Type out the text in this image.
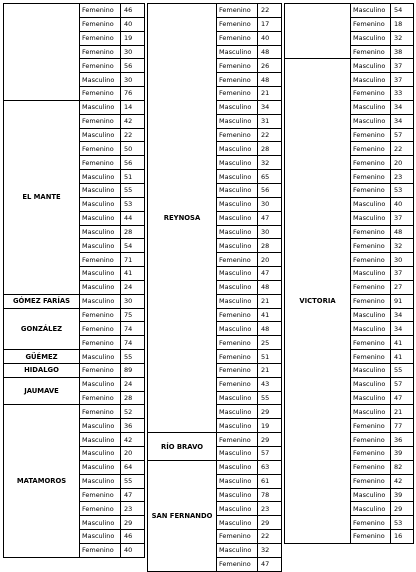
	Femenino	46
	Femenino	40
	Femenino	19
	Femenino	30
	Femenino	56
	Masculino	30
	Femenino	76
EL MANTE	Masculino	14
	Femenino	42
	Masculino	22
	Femenino	50
	Femenino	56
	Masculino	51
	Masculino	55
	Masculino	53
	Masculino	44
	Masculino	28
	Masculino	54
	Femenino	71
	Masculino	41
	Masculino	24
GÓMEZ FARÍAS	Masculino	30
GONZÁLEZ	Femenino	75
	Femenino	74
	Femenino	74
GÜÉMEZ	Masculino	55
HIDALGO	Femenino	89
JAUMAVE	Masculino	24
	Femenino	28
MATAMOROS	Femenino	52
	Masculino	36
	Masculino	42
	Masculino	20
	Masculino	64
	Masculino	55
	Femenino	47
	Femenino	23
	Masculino	29
	Masculino	46
	Femenino	40
REYNOSA	Femenino	22
	Femenino	17
	Femenino	40
	Masculino	48
	Femenino	26
	Femenino	48
	Femenino	21
	Masculino	34
	Masculino	31
	Femenino	22
	Masculino	28
	Masculino	32
	Masculino	65
	Masculino	56
	Masculino	30
	Masculino	47
	Masculino	30
	Masculino	28
	Femenino	20
	Masculino	47
	Masculino	48
	Masculino	21
	Femenino	41
	Masculino	48
	Femenino	25
	Femenino	51
	Femenino	21
	Femenino	43
	Masculino	55
	Masculino	29
	Masculino	19
RÍO BRAVO	Femenino	29
	Masculino	57
SAN FERNANDO	Masculino	63
	Masculino	61
	Masculino	78
	Masculino	23
	Masculino	29
	Femenino	22
	Masculino	32
	Femenino	47
	Masculino	54
	Femenino	18
	Masculino	32
	Femenino	38
VICTORIA	Masculino	37
	Masculino	37
	Femenino	33
	Masculino	34
	Masculino	34
	Femenino	57
	Femenino	22
	Femenino	20
	Femenino	23
	Femenino	53
	Masculino	40
	Masculino	37
	Femenino	48
	Femenino	32
	Femenino	30
	Masculino	37
	Femenino	27
	Femenino	91
	Masculino	34
	Masculino	34
	Femenino	41
	Femenino	41
	Masculino	55
	Masculino	57
	Masculino	47
	Masculino	21
	Femenino	77
	Femenino	36
	Femenino	39
	Femenino	82
	Femenino	42
	Masculino	39
	Masculino	29
	Femenino	53
	Femenino	16
